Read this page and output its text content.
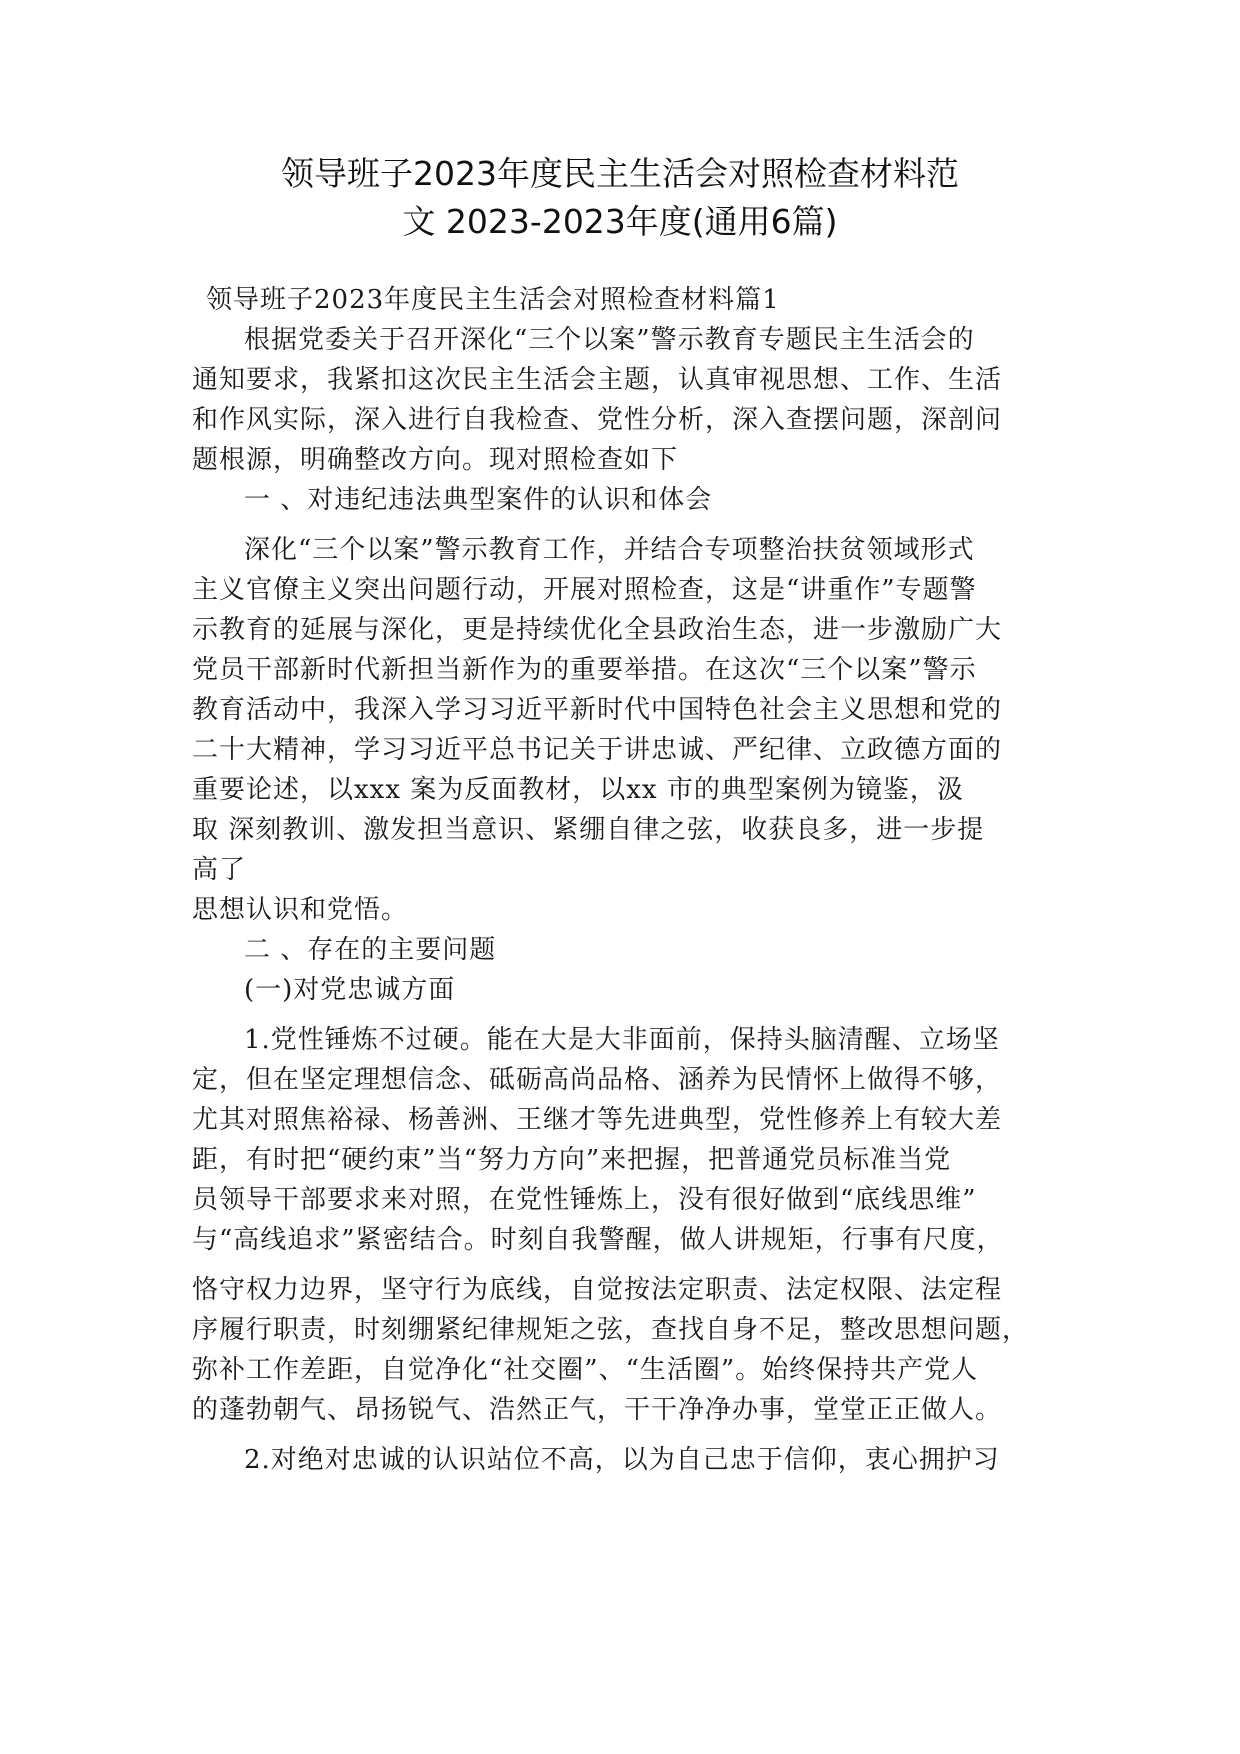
领导班子2023年度民主生活会对照检查材料范
文 2023-2023年度(通用6篇)
领导班子2023年度民主生活会对照检查材料篇1
根据党委关于召开深化“三个以案”警示教育专题民主生活会的
通知要求，我紧扣这次民主生活会主题，认真审视思想、工作、生活
和作风实际，深入进行自我检查、党性分析，深入查摆问题，深剖问
题根源，明确整改方向。现对照检查如下
一 、对违纪违法典型案件的认识和体会
深化“三个以案”警示教育工作，并结合专项整治扶贫领域形式
主义官僚主义突出问题行动，开展对照检查，这是“讲重作”专题警
示教育的延展与深化，更是持续优化全县政治生态，进一步激励广大
党员干部新时代新担当新作为的重要举措。在这次“三个以案”警示
教育活动中，我深入学习习近平新时代中国特色社会主义思想和党的
二十大精神，学习习近平总书记关于讲忠诚、严纪律、立政德方面的
重要论述，以xxx 案为反面教材，以xx 市的典型案例为镜鉴，汲
取 深刻教训、激发担当意识、紧绷自律之弦，收获良多，进一步提
高了
思想认识和党悟。
二 、存在的主要问题
(一)对党忠诚方面
1.党性锤炼不过硬。能在大是大非面前，保持头脑清醒、立场坚
定，但在坚定理想信念、砥砺高尚品格、涵养为民情怀上做得不够，
尤其对照焦裕禄、杨善洲、王继才等先进典型，党性修养上有较大差
距，有时把“硬约束”当“努力方向”来把握，把普通党员标准当党
员领导干部要求来对照，在党性锤炼上，没有很好做到“底线思维”
与“高线追求”紧密结合。时刻自我警醒，做人讲规矩，行事有尺度，
恪守权力边界，坚守行为底线，自觉按法定职责、法定权限、法定程
序履行职责，时刻绷紧纪律规矩之弦，查找自身不足，整改思想问题，
弥补工作差距，自觉净化“社交圈”、“生活圈”。始终保持共产党人
的蓬勃朝气、昂扬锐气、浩然正气，干干净净办事，堂堂正正做人。
2.对绝对忠诚的认识站位不高，以为自己忠于信仰，衷心拥护习
